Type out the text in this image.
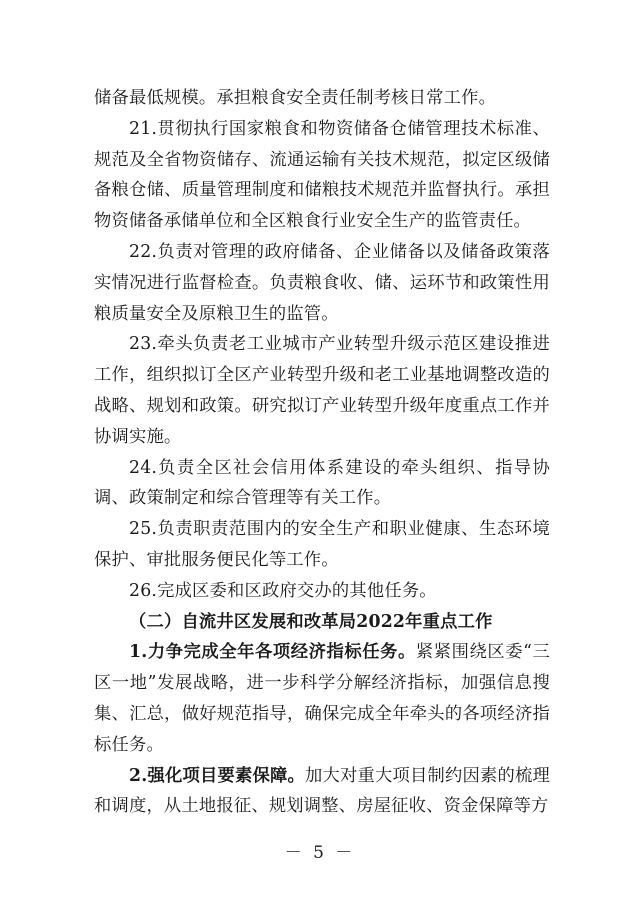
储备最低规模。承担粮食安全责任制考核日常工作。

21.贯彻执行国家粮食和物资储备仓储管理技术标准、规范及全省物资储存、流通运输有关技术规范，拟定区级储备粮仓储、质量管理制度和储粮技术规范并监督执行。承担物资储备承储单位和全区粮食行业安全生产的监管责任。

22.负责对管理的政府储备、企业储备以及储备政策落实情况进行监督检查。负责粮食收、储、运环节和政策性用粮质量安全及原粮卫生的监管。

23.牵头负责老工业城市产业转型升级示范区建设推进工作，组织拟订全区产业转型升级和老工业基地调整改造的战略、规划和政策。研究拟订产业转型升级年度重点工作并协调实施。

24.负责全区社会信用体系建设的牵头组织、指导协调、政策制定和综合管理等有关工作。

25.负责职责范围内的安全生产和职业健康、生态环境保护、审批服务便民化等工作。

26.完成区委和区政府交办的其他任务。

（二）自流井区发展和改革局2022年重点工作

1.力争完成全年各项经济指标任务。紧紧围绕区委“三区一地”发展战略，进一步科学分解经济指标，加强信息搜集、汇总，做好规范指导，确保完成全年牵头的各项经济指标任务。

2.强化项目要素保障。加大对重大项目制约因素的梳理和调度，从土地报征、规划调整、房屋征收、资金保障等方

－ 5 －
